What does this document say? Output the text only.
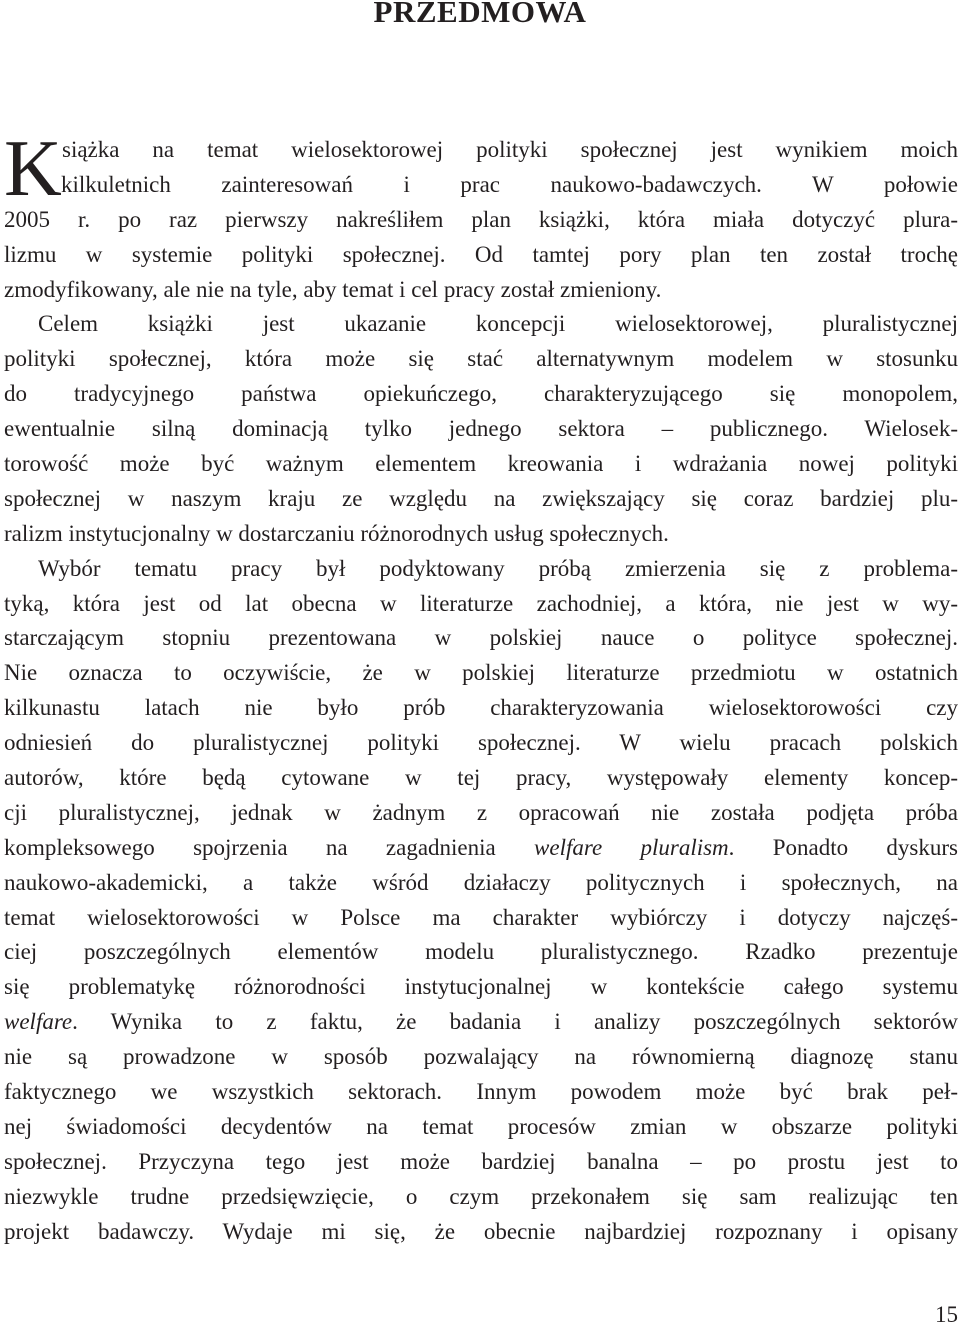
PRZEDMOWA
K siążka na temat wielosektorowej polityki społecznej jest wynikiem moich
kilkuletnich zainteresowań i prac naukowo-badawczych. W połowie
2005 r. po raz pierwszy nakreśliłem plan książki, która miała dotyczyć plura-
lizmu w systemie polityki społecznej. Od tamtej pory plan ten został trochę
zmodyfikowany, ale nie na tyle, aby temat i cel pracy został zmieniony.
Celem książki jest ukazanie koncepcji wielosektorowej, pluralistycznej
polityki społecznej, która może się stać alternatywnym modelem w stosunku
do tradycyjnego państwa opiekuńczego, charakteryzującego się monopolem,
ewentualnie silną dominacją tylko jednego sektora – publicznego. Wielosek-
torowość może być ważnym elementem kreowania i wdrażania nowej polityki
społecznej w naszym kraju ze względu na zwiększający się coraz bardziej plu-
ralizm instytucjonalny w dostarczaniu różnorodnych usług społecznych.
Wybór tematu pracy był podyktowany próbą zmierzenia się z problema-
tyką, która jest od lat obecna w literaturze zachodniej, a która, nie jest w wy-
starczającym stopniu prezentowana w polskiej nauce o polityce społecznej.
Nie oznacza to oczywiście, że w polskiej literaturze przedmiotu w ostatnich
kilkunastu latach nie było prób charakteryzowania wielosektorowości czy
odniesień do pluralistycznej polityki społecznej. W wielu pracach polskich
autorów, które będą cytowane w tej pracy, występowały elementy koncep-
cji pluralistycznej, jednak w żadnym z opracowań nie została podjęta próba
kompleksowego spojrzenia na zagadnienia welfare pluralism. Ponadto dyskurs
naukowo-akademicki, a także wśród działaczy politycznych i społecznych, na
temat wielosektorowości w Polsce ma charakter wybiórczy i dotyczy najczęś-
ciej poszczególnych elementów modelu pluralistycznego. Rzadko prezentuje
się problematykę różnorodności instytucjonalnej w kontekście całego systemu
welfare. Wynika to z faktu, że badania i analizy poszczególnych sektorów
nie są prowadzone w sposób pozwalający na równomierną diagnozę stanu
faktycznego we wszystkich sektorach. Innym powodem może być brak peł-
nej świadomości decydentów na temat procesów zmian w obszarze polityki
społecznej. Przyczyna tego jest może bardziej banalna – po prostu jest to
niezwykle trudne przedsięwzięcie, o czym przekonałem się sam realizując ten
projekt badawczy. Wydaje mi się, że obecnie najbardziej rozpoznany i opisany
15
